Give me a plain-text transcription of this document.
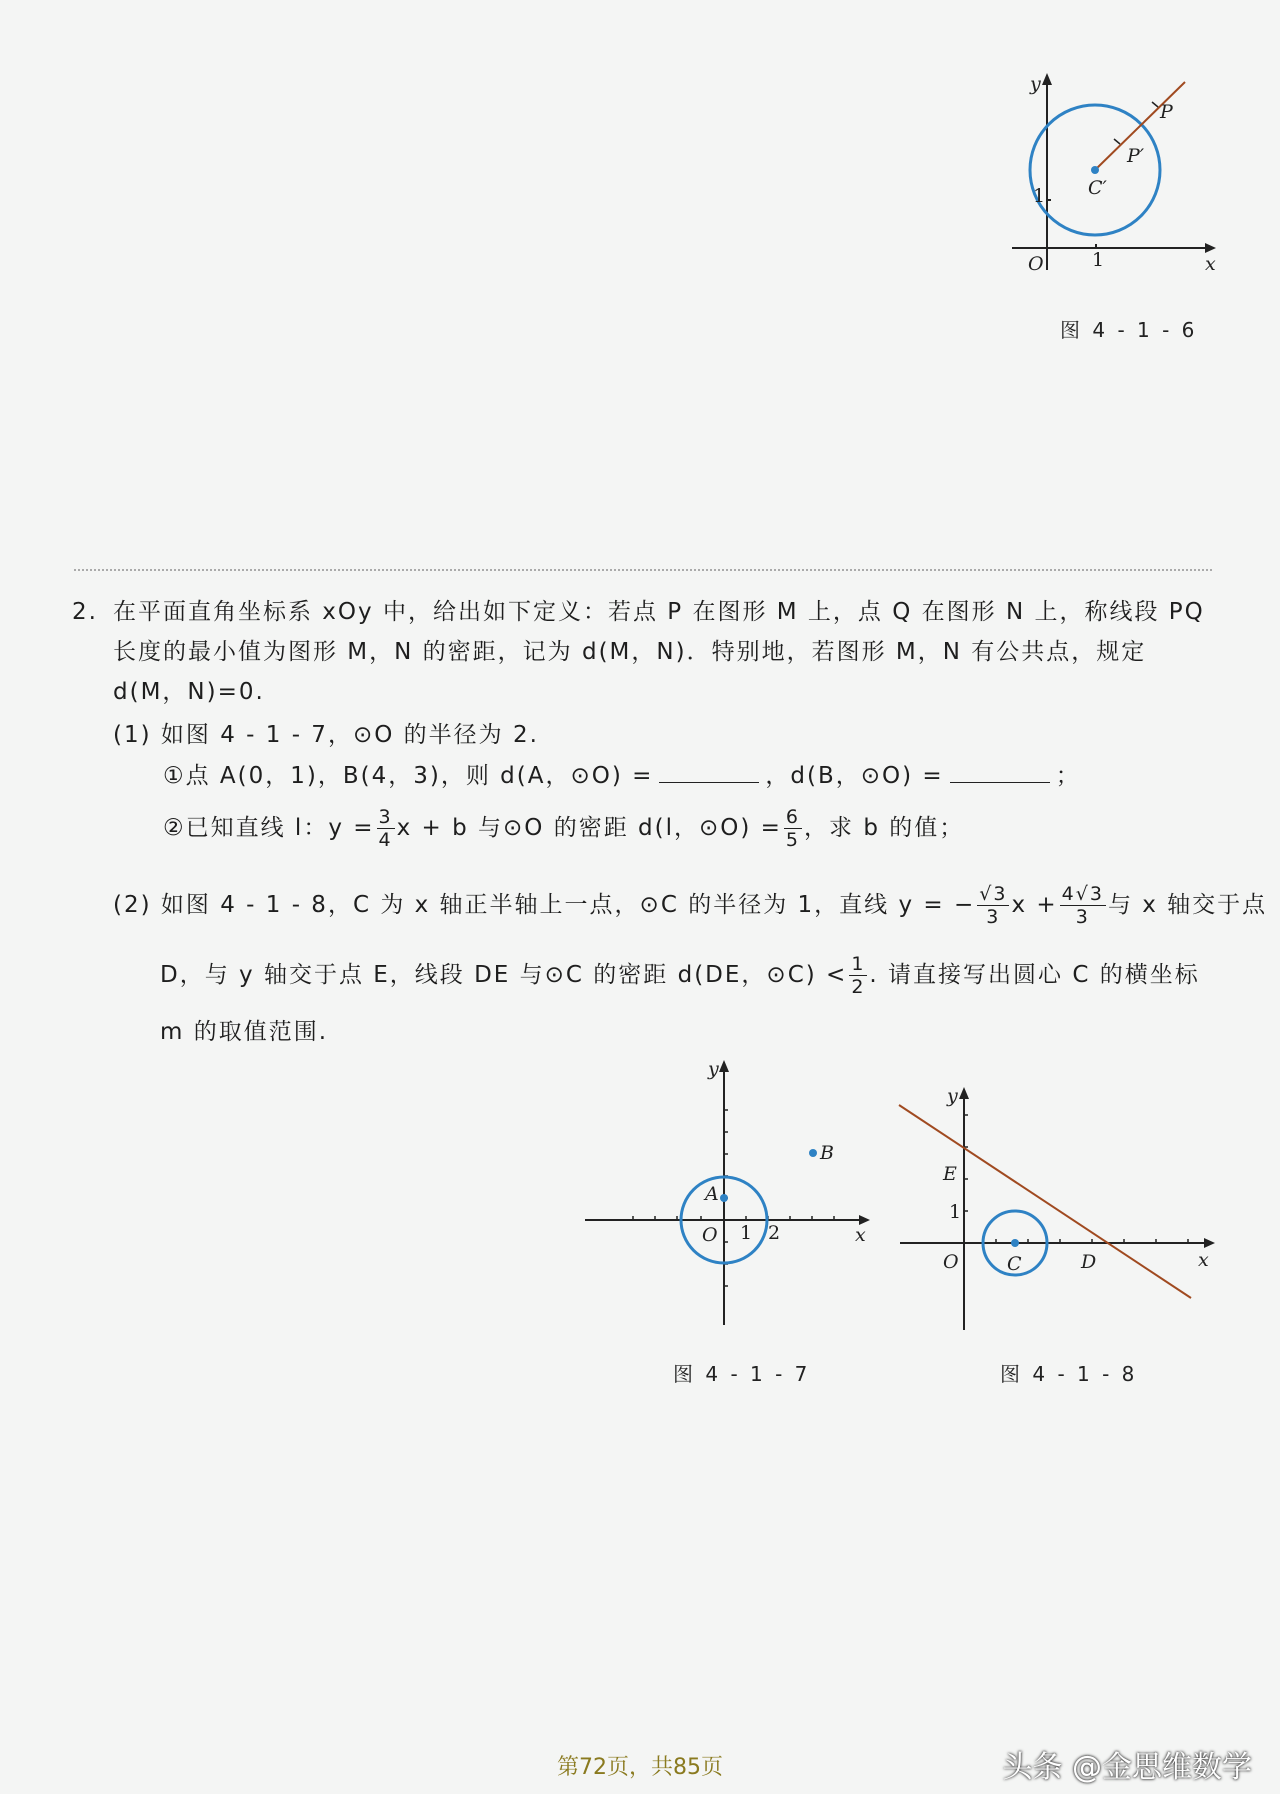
y
x
O	1
1 C′
P
P′
图 4 - 1 - 6
2. 在平面直角坐标系 xOy 中，给出如下定义：若点 P 在图形 M 上，点 Q 在图形 N 上，称线段 PQ
长度的最小值为图形 M，N 的密距，记为 d(M，N)．特别地，若图形 M，N 有公共点，规定
d(M，N)=0.
(1) 如图 4 - 1 - 7，⊙O 的半径为 2.
①点 A(0，1)，B(4，3)，则 d(A，⊙O) =	，d(B，⊙O) =	；
②已知直线 l：$y = \frac{3}{4}$ x + b 与⊙O 的密距 d(l，⊙O) = $\frac{6}{5}$ ，求 b 的值；
(2) 如图 4 - 1 - 8，C 为 x 轴正半轴上一点，⊙C 的半径为 1，直线 y = − $\frac{√3}{3}$ $x + \frac{4√3}{3}$ 与 x 轴交于点
D，与 y 轴交于点 E，线段 DE 与⊙C 的密距 d(DE，⊙C) < $\frac{1}{2}$ . 请直接写出圆心 C 的横坐标
m 的取值范围.
y
x
O
A
B
1 2
图 4 - 1 - 7
y
x
O	C	D
E
1
图 4 - 1 - 8
第72页，共85页	头条 @金思维数学
